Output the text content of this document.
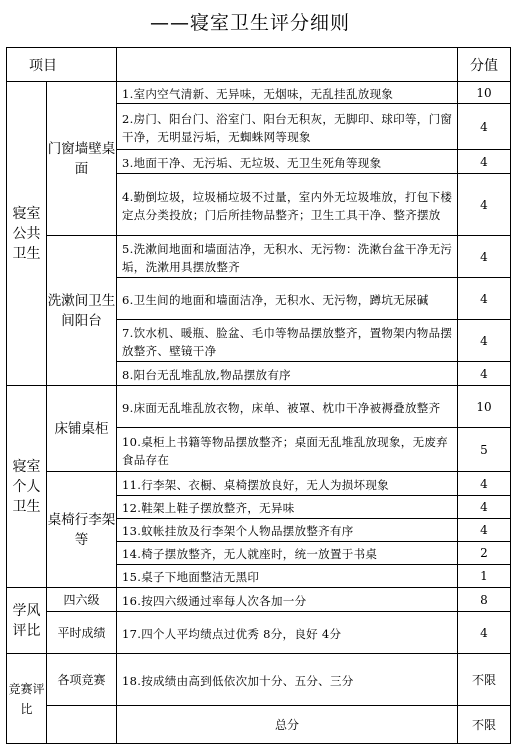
——寝室卫生评分细则
项目			分值
寝室公共卫生	门窗墙壁桌面	1.室内空气清新、无异味，无烟味，无乱挂乱放现象	10
		2.房门、阳台门、浴室门、阳台无积灰，无脚印、球印等，门窗干净，无明显污垢，无蜘蛛网等现象	4
		3.地面干净、无污垢、无垃圾、无卫生死角等现象	4
		4.勤倒垃圾，垃圾桶垃圾不过量，室内外无垃圾堆放，打包下楼定点分类投放；门后所挂物品整齐；卫生工具干净、整齐摆放	4
	洗漱间卫生间阳台	5.洗漱间地面和墙面洁净，无积水、无污物：洗漱台盆干净无污垢，洗漱用具摆放整齐	4
		6.卫生间的地面和墙面洁净，无积水、无污物，蹲坑无尿碱	4
		7.饮水机、暖瓶、脸盆、毛巾等物品摆放整齐，置物架内物品摆放整齐、壁镜干净	4
		8.阳台无乱堆乱放,物品摆放有序	4
寝室个人卫生	床铺桌柜	9.床面无乱堆乱放衣物，床单、被罩、枕巾干净被褥叠放整齐	10
		10.桌柜上书籍等物品摆放整齐；桌面无乱堆乱放现象，无废弃食品存在	5
	桌椅行李架等	11.行李架、衣橱、桌椅摆放良好，无人为损坏现象	4
		12.鞋架上鞋子摆放整齐，无异味	4
		13.蚊帐挂放及行李架个人物品摆放整齐有序	4
		14.椅子摆放整齐，无人就座时，统一放置于书桌	2
		15.桌子下地面整洁无黑印	1
学风评比	四六级	16.按四六级通过率每人次各加一分	8
	平时成绩	17.四个人平均绩点过优秀 8分，良好 4分	4
竞赛评比	各项竞赛	18.按成绩由高到低依次加十分、五分、三分	不限
		总分	不限
